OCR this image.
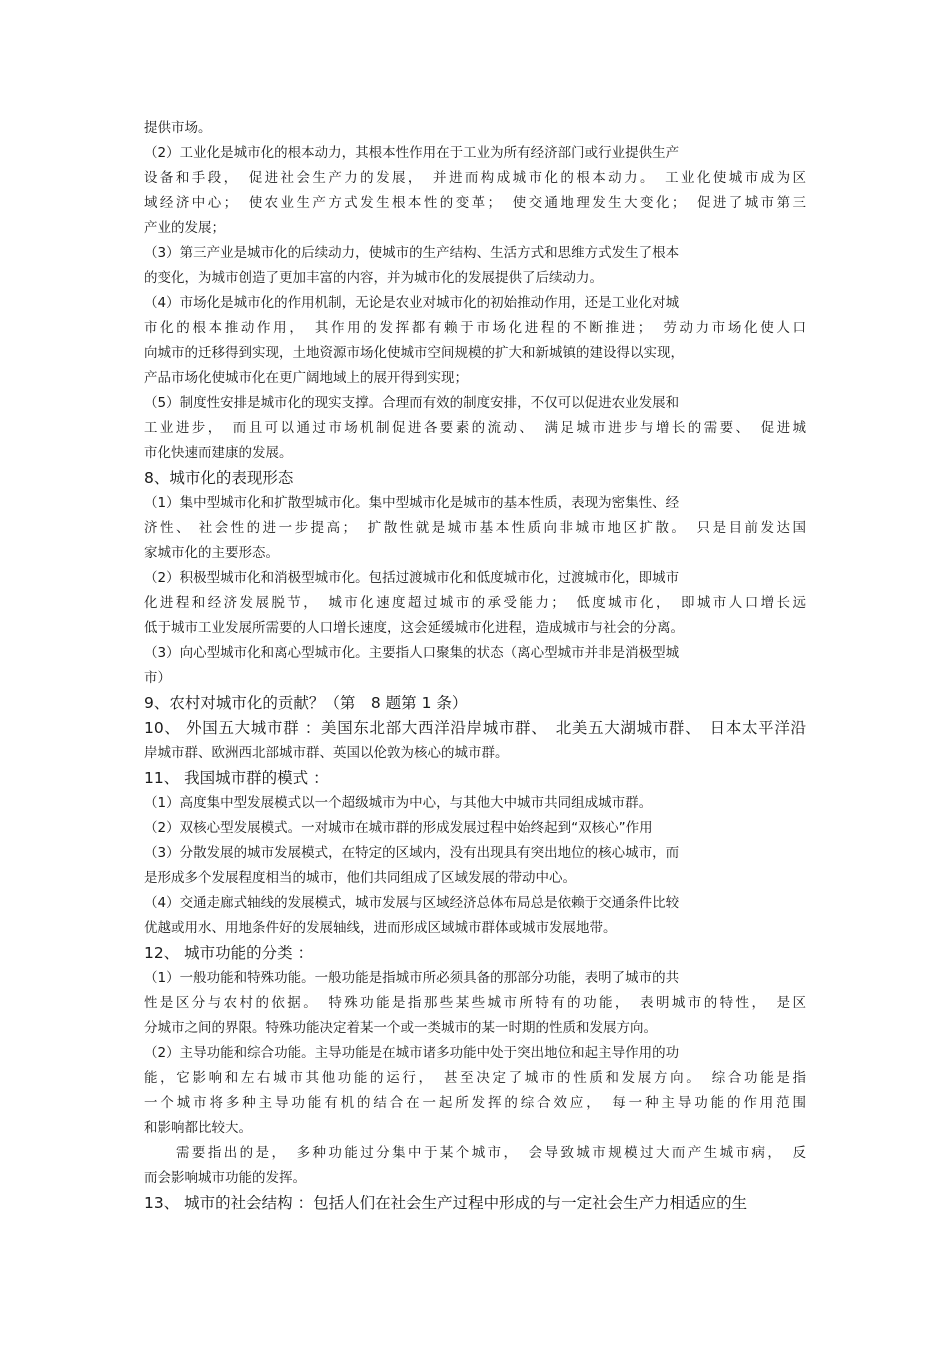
提供市场。
（2）工业化是城市化的根本动力，其根本性作用在于工业为所有经济部门或行业提供生产
设备和手段，　促进社会生产力的发展，　并进而构成城市化的根本动力。　工业化使城市成为区
域经济中心；　使农业生产方式发生根本性的变革；　使交通地理发生大变化；　促进了城市第三
产业的发展；
（3）第三产业是城市化的后续动力，使城市的生产结构、生活方式和思维方式发生了根本
的变化，为城市创造了更加丰富的内容，并为城市化的发展提供了后续动力。
（4）市场化是城市化的作用机制，无论是农业对城市化的初始推动作用，还是工业化对城
市化的根本推动作用，　其作用的发挥都有赖于市场化进程的不断推进；　劳动力市场化使人口
向城市的迁移得到实现，土地资源市场化使城市空间规模的扩大和新城镇的建设得以实现，
产品市场化使城市化在更广阔地域上的展开得到实现；
（5）制度性安排是城市化的现实支撑。合理而有效的制度安排，不仅可以促进农业发展和
工业进步，　而且可以通过市场机制促进各要素的流动、　满足城市进步与增长的需要、　促进城
市化快速而建康的发展。
8、城市化的表现形态
（1）集中型城市化和扩散型城市化。集中型城市化是城市的基本性质，表现为密集性、经
济性、 社会性的进一步提高；　扩散性就是城市基本性质向非城市地区扩散。　只是目前发达国
家城市化的主要形态。
（2）积极型城市化和消极型城市化。包括过渡城市化和低度城市化，过渡城市化，即城市
化进程和经济发展脱节，　城市化速度超过城市的承受能力；　低度城市化，　即城市人口增长远
低于城市工业发展所需要的人口增长速度，这会延缓城市化进程，造成城市与社会的分离。
（3）向心型城市化和离心型城市化。主要指人口聚集的状态（离心型城市并非是消极型城
市）
9、农村对城市化的贡献？（第　8 题第 1 条）
10、 外国五大城市群 ：美国东北部大西洋沿岸城市群、　北美五大湖城市群、　日本太平洋沿
岸城市群、欧洲西北部城市群、英国以伦敦为核心的城市群。
11、 我国城市群的模式 ：
（1）高度集中型发展模式以一个超级城市为中心，与其他大中城市共同组成城市群。
（2）双核心型发展模式。一对城市在城市群的形成发展过程中始终起到“双核心”作用
（3）分散发展的城市发展模式，在特定的区域内，没有出现具有突出地位的核心城市，而
是形成多个发展程度相当的城市，他们共同组成了区域发展的带动中心。
（4）交通走廊式轴线的发展模式，城市发展与区域经济总体布局总是依赖于交通条件比较
优越或用水、用地条件好的发展轴线，进而形成区域城市群体或城市发展地带。
12、 城市功能的分类 ：
（1）一般功能和特殊功能。一般功能是指城市所必须具备的那部分功能，表明了城市的共
性是区分与农村的依据。　特殊功能是指那些某些城市所特有的功能，　表明城市的特性，　是区
分城市之间的界限。特殊功能决定着某一个或一类城市的某一时期的性质和发展方向。
（2）主导功能和综合功能。主导功能是在城市诸多功能中处于突出地位和起主导作用的功
能，它影响和左右城市其他功能的运行，　甚至决定了城市的性质和发展方向。　综合功能是指
一个城市将多种主导功能有机的结合在一起所发挥的综合效应，　每一种主导功能的作用范围
和影响都比较大。
需要指出的是，　多种功能过分集中于某个城市，　会导致城市规模过大而产生城市病，　反
而会影响城市功能的发挥。
13、 城市的社会结构 ：包括人们在社会生产过程中形成的与一定社会生产力相适应的生
